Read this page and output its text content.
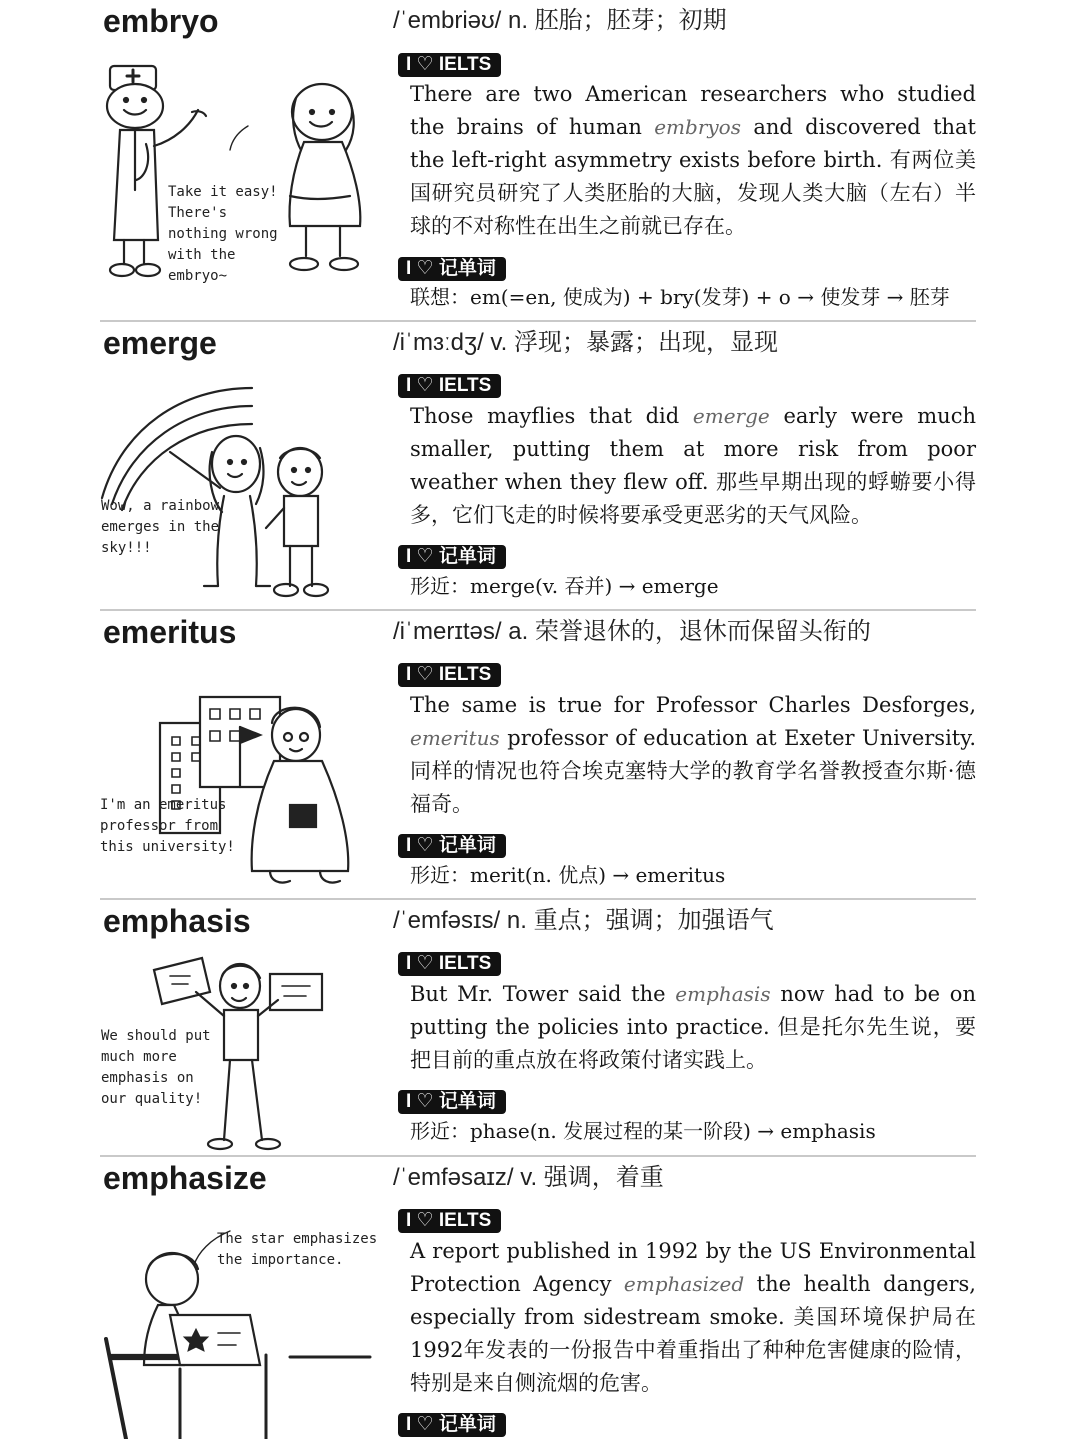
embryo
Take it easy!
There's
nothing wrong
with the
embryo~
/ˈembriəʊ/ n. 胚胎；胚芽；初期
I ♡ IELTS

There are two American researchers who studied the brains of human embryos and discovered that the left-right asymmetry exists before birth. 有两位美国研究员研究了人类胚胎的大脑，发现人类大脑（左右）半球的不对称性在出生之前就已存在。

I ♡ 记单词
联想：em(=en, 使成为) + bry(发芽) + o → 使发芽 → 胚芽
emerge
Wow, a rainbow
emerges in the
sky!!!
/iˈmɜːdʒ/ v. 浮现；暴露；出现，显现
I ♡ IELTS

Those mayflies that did emerge early were much smaller, putting them at more risk from poor weather when they flew off. 那些早期出现的蜉蝣要小得多，它们飞走的时候将要承受更恶劣的天气风险。

I ♡ 记单词
形近：merge(v. 吞并) → emerge
emeritus
I'm an emeritus
professor from
this university!
/iˈmerɪtəs/ a. 荣誉退休的，退休而保留头衔的
I ♡ IELTS

The same is true for Professor Charles Desforges, emeritus professor of education at Exeter University. 同样的情况也符合埃克塞特大学的教育学名誉教授查尔斯·德福奇。

I ♡ 记单词
形近：merit(n. 优点) → emeritus
emphasis
We should put
much more
emphasis on
our quality!
/ˈemfəsɪs/ n. 重点；强调；加强语气
I ♡ IELTS

But Mr. Tower said the emphasis now had to be on putting the policies into practice. 但是托尔先生说，要把目前的重点放在将政策付诸实践上。

I ♡ 记单词
形近：phase(n. 发展过程的某一阶段) → emphasis
emphasize
The star emphasizes
the importance.
/ˈemfəsaɪz/ v. 强调，着重
I ♡ IELTS

A report published in 1992 by the US Environmental Protection Agency emphasized the health dangers, especially from sidestream smoke. 美国环境保护局在1992年发表的一份报告中着重指出了种种危害健康的险情，特别是来自侧流烟的危害。

I ♡ 记单词
